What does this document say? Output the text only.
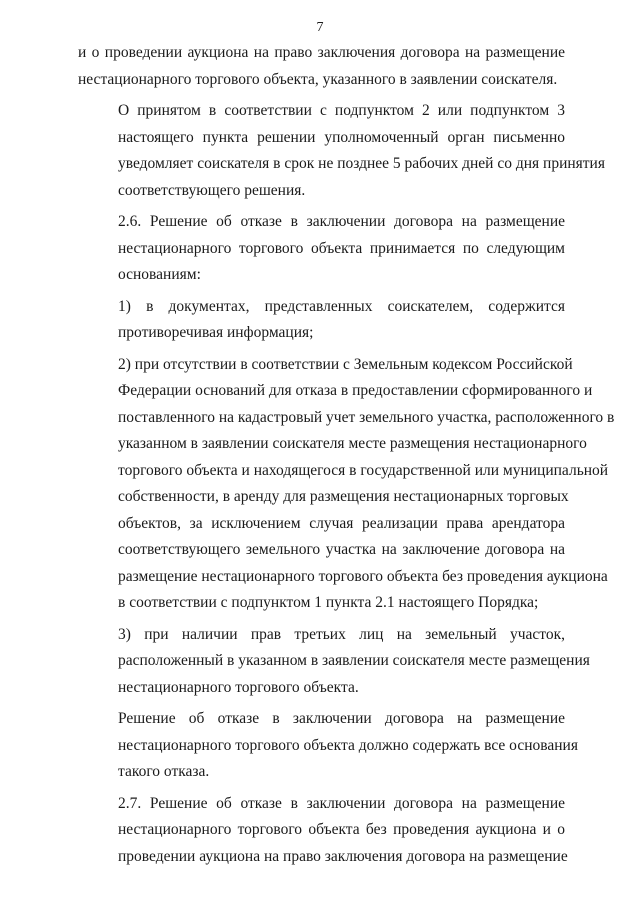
7
и о проведении аукциона на право заключения договора на размещение
нестационарного торгового объекта, указанного в заявлении соискателя.
О принятом в соответствии с подпунктом 2 или подпунктом 3
настоящего пункта решении уполномоченный орган письменно
уведомляет соискателя в срок не позднее 5 рабочих дней со дня принятия
соответствующего решения.
2.6. Решение об отказе в заключении договора на размещение
нестационарного торгового объекта принимается по следующим
основаниям:
1) в документах, представленных соискателем, содержится
противоречивая информация;
2) при отсутствии в соответствии с Земельным кодексом Российской
Федерации оснований для отказа в предоставлении сформированного и
поставленного на кадастровый учет земельного участка, расположенного в
указанном в заявлении соискателя месте размещения нестационарного
торгового объекта и находящегося в государственной или муниципальной
собственности, в аренду для размещения нестационарных торговых
объектов, за исключением случая реализации права арендатора
соответствующего земельного участка на заключение договора на
размещение нестационарного торгового объекта без проведения аукциона
в соответствии с подпунктом 1 пункта 2.1 настоящего Порядка;
3) при наличии прав третьих лиц на земельный участок,
расположенный в указанном в заявлении соискателя месте размещения
нестационарного торгового объекта.
Решение об отказе в заключении договора на размещение
нестационарного торгового объекта должно содержать все основания
такого отказа.
2.7. Решение об отказе в заключении договора на размещение
нестационарного торгового объекта без проведения аукциона и о
проведении аукциона на право заключения договора на размещение
